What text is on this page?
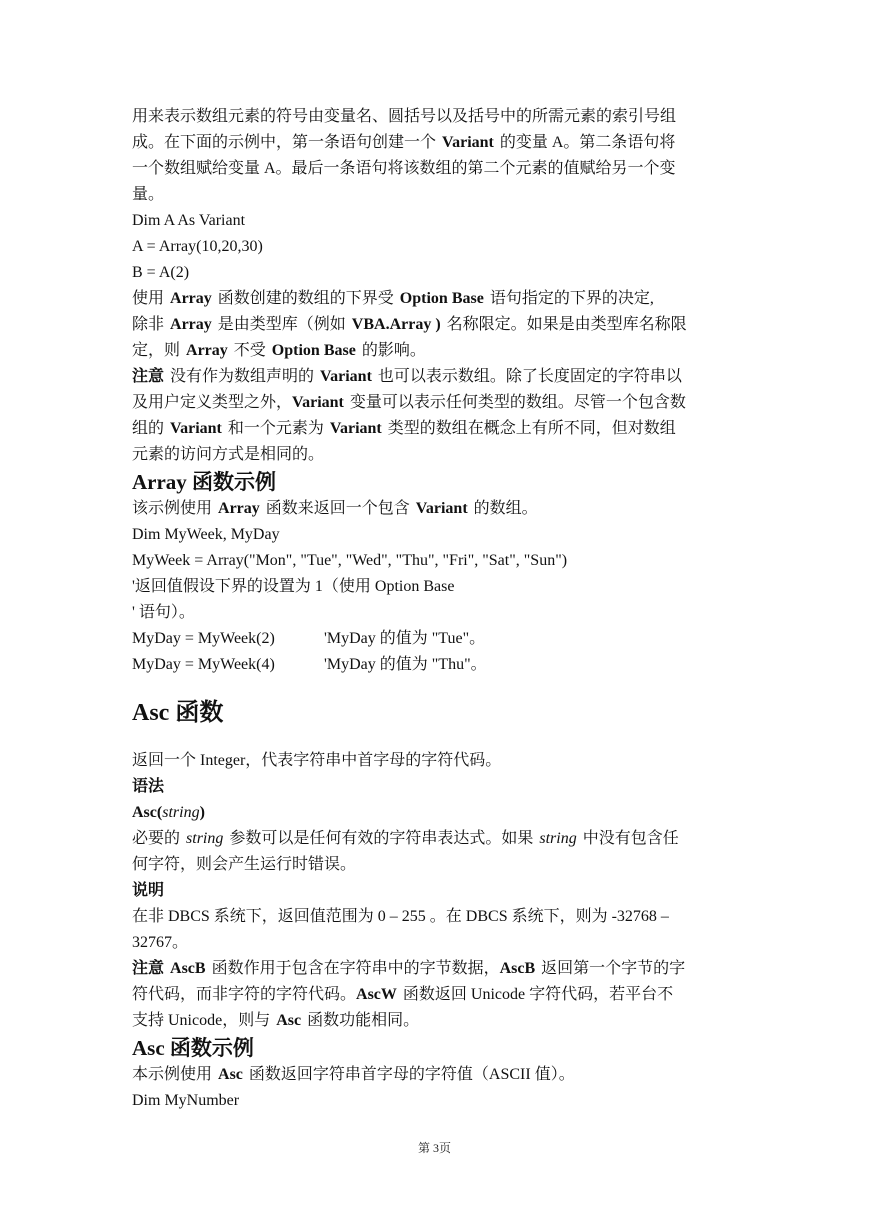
用来表示数组元素的符号由变量名、圆括号以及括号中的所需元素的索引号组

成。在下面的示例中，第一条语句创建一个 Variant 的变量 A。第二条语句将

一个数组赋给变量 A。最后一条语句将该数组的第二个元素的值赋给另一个变

量。

Dim A As Variant

A = Array(10,20,30)

B = A(2)

使用 Array 函数创建的数组的下界受 Option Base 语句指定的下界的决定,

除非 Array 是由类型库（例如 VBA.Array ) 名称限定。如果是由类型库名称限

定，则 Array 不受 Option Base 的影响。

注意 没有作为数组声明的 Variant 也可以表示数组。除了长度固定的字符串以

及用户定义类型之外，Variant 变量可以表示任何类型的数组。尽管一个包含数

组的 Variant 和一个元素为 Variant 类型的数组在概念上有所不同，但对数组

元素的访问方式是相同的。

Array 函数示例

该示例使用 Array 函数来返回一个包含 Variant 的数组。

Dim MyWeek, MyDay

MyWeek = Array("Mon", "Tue", "Wed", "Thu", "Fri", "Sat", "Sun")

'返回值假设下界的设置为 1（使用 Option Base

' 语句）。

MyDay = MyWeek(2)	'MyDay 的值为 "Tue"。
MyDay = MyWeek(4)	'MyDay 的值为 "Thu"。
Asc 函数

返回一个 Integer，代表字符串中首字母的字符代码。

语法

Asc(string)

必要的 string 参数可以是任何有效的字符串表达式。如果 string 中没有包含任

何字符，则会产生运行时错误。

说明

在非 DBCS 系统下，返回值范围为 0 – 255 。在 DBCS 系统下，则为 -32768 –

32767。

注意 AscB 函数作用于包含在字符串中的字节数据，AscB 返回第一个字节的字

符代码，而非字符的字符代码。AscW 函数返回 Unicode 字符代码，若平台不

支持 Unicode，则与 Asc 函数功能相同。

Asc 函数示例

本示例使用 Asc 函数返回字符串首字母的字符值（ASCII 值）。

Dim MyNumber

第 3页
